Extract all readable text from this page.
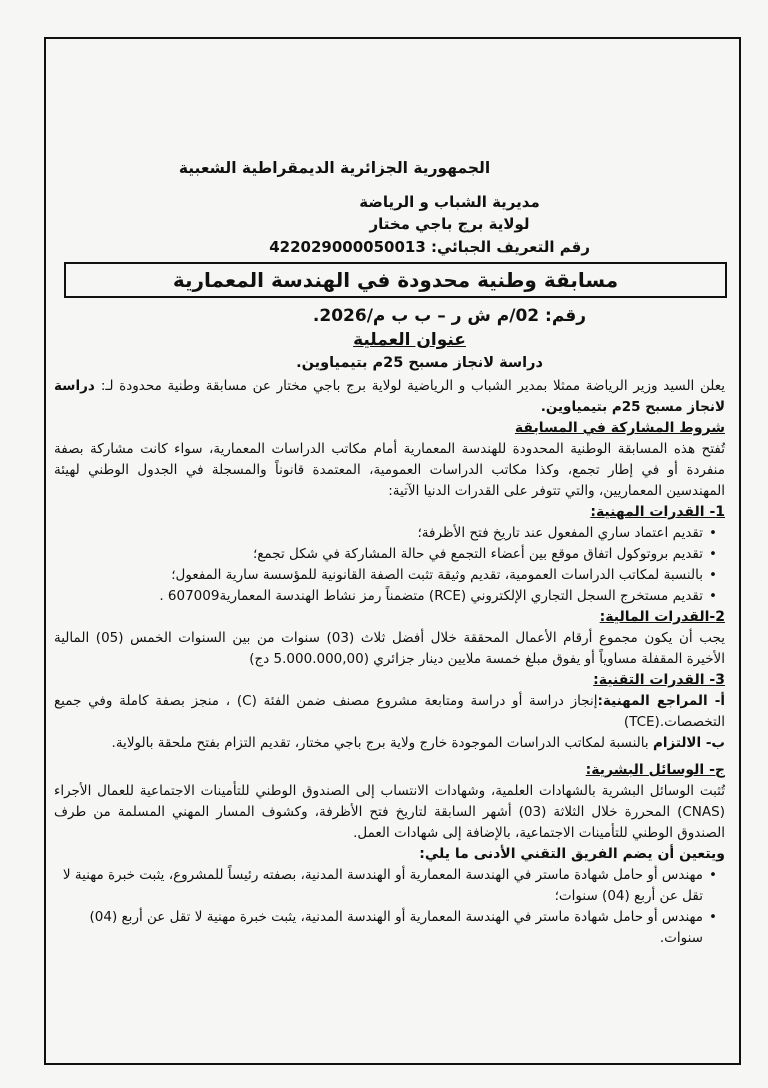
الجمهورية الجزائرية الديمقراطية الشعبية
مديرية الشباب و الرياضة
لولاية برج باجي مختار
رقم التعريف الجبائي: 422029000050013
مسابقة وطنية محدودة في الهندسة المعمارية
رقم: 02/م ش ر – ب ب م/2026.
عنوان العملية
دراسة لانجاز مسبح 25م بتيمياوين.

يعلن السيد وزير الرياضة ممثلا بمدير الشباب و الرياضية لولاية برج باجي مختار عن مسابقة وطنية محدودة لـ: دراسة لانجاز مسبح 25م بتيمياوين.

شروط المشاركة في المسابقة

تُفتح هذه المسابقة الوطنية المحدودة للهندسة المعمارية أمام مكاتب الدراسات المعمارية، سواء كانت مشاركة بصفة منفردة أو في إطار تجمع، وكذا مكاتب الدراسات العمومية، المعتمدة قانوناً والمسجلة في الجدول الوطني لهيئة المهندسين المعماريين، والتي تتوفر على القدرات الدنيا الآتية:

1- القدرات المهنية:
• تقديم اعتماد ساري المفعول عند تاريخ فتح الأظرفة؛
• تقديم بروتوكول اتفاق موقع بين أعضاء التجمع في حالة المشاركة في شكل تجمع؛
• بالنسبة لمكاتب الدراسات العمومية، تقديم وثيقة تثبت الصفة القانونية للمؤسسة سارية المفعول؛
• تقديم مستخرج السجل التجاري الإلكتروني (RCE) متضمناً رمز نشاط الهندسة المعمارية607009 .
2-القدرات المالية:

يجب أن يكون مجموع أرقام الأعمال المحققة خلال أفضل ثلاث (03) سنوات من بين السنوات الخمس (05) المالية الأخيرة المقفلة مساوياً أو يفوق مبلغ خمسة ملايين دينار جزائري (5.000.000,00 دج)

3- القدرات التقنية:

أ- المراجع المهنية:إنجاز دراسة أو دراسة ومتابعة مشروع مصنف ضمن الفئة (C) ، منجز بصفة كاملة وفي جميع التخصصات.(TCE)

ب- الالتزام بالنسبة لمكاتب الدراسات الموجودة خارج ولاية برج باجي مختار، تقديم التزام بفتح ملحقة بالولاية.

ج- الوسائل البشرية:

تُثبت الوسائل البشرية بالشهادات العلمية، وشهادات الانتساب إلى الصندوق الوطني للتأمينات الاجتماعية للعمال الأجراء (CNAS) المحررة خلال الثلاثة (03) أشهر السابقة لتاريخ فتح الأظرفة، وكشوف المسار المهني المسلمة من طرف الصندوق الوطني للتأمينات الاجتماعية، بالإضافة إلى شهادات العمل.

ويتعين أن يضم الفريق التقني الأدنى ما يلي:
• مهندس أو حامل شهادة ماستر في الهندسة المعمارية أو الهندسة المدنية، بصفته رئيساً للمشروع، يثبت خبرة مهنية لا تقل عن أربع (04) سنوات؛
• مهندس أو حامل شهادة ماستر في الهندسة المعمارية أو الهندسة المدنية، يثبت خبرة مهنية لا تقل عن أربع (04) سنوات.
